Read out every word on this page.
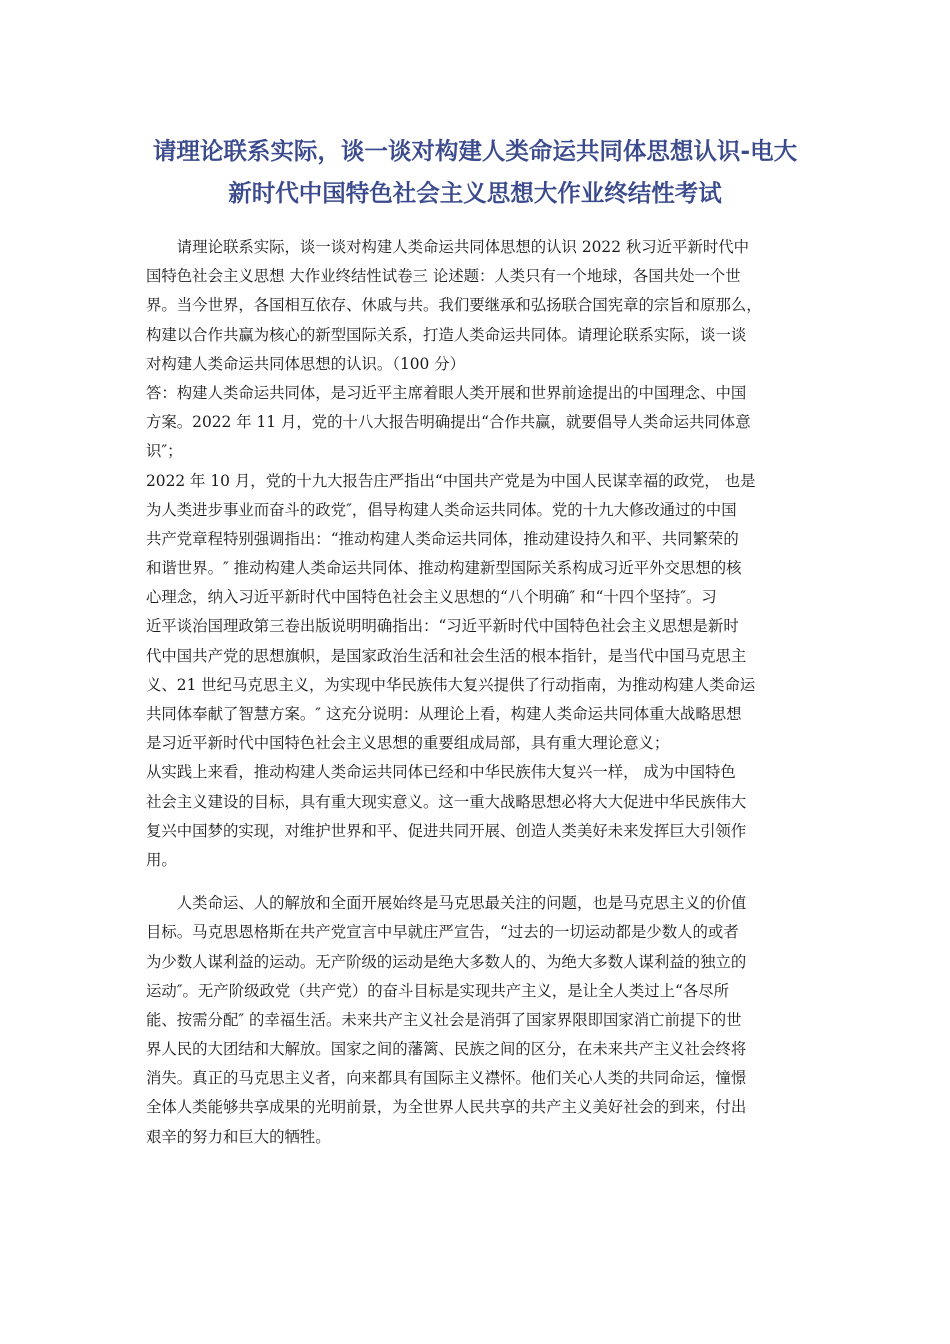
请理论联系实际，谈一谈对构建人类命运共同体思想认识-电大
新时代中国特色社会主义思想大作业终结性考试
　　请理论联系实际，谈一谈对构建人类命运共同体思想的认识 2022 秋习近平新时代中
国特色社会主义思想 大作业终结性试卷三 论述题：人类只有一个地球，各国共处一个世
界。当今世界，各国相互依存、休戚与共。我们要继承和弘扬联合国宪章的宗旨和原那么，
构建以合作共赢为核心的新型国际关系，打造人类命运共同体。请理论联系实际，谈一谈
对构建人类命运共同体思想的认识。（100 分）
答：构建人类命运共同体，是习近平主席着眼人类开展和世界前途提出的中国理念、中国
方案。2022 年 11 月，党的十八大报告明确提出“合作共赢，就要倡导人类命运共同体意
识″；
2022 年 10 月，党的十九大报告庄严指出“中国共产党是为中国人民谋幸福的政党， 也是
为人类进步事业而奋斗的政党″，倡导构建人类命运共同体。党的十九大修改通过的中国
共产党章程特别强调指出：“推动构建人类命运共同体，推动建设持久和平、共同繁荣的
和谐世界。″ 推动构建人类命运共同体、推动构建新型国际关系构成习近平外交思想的核
心理念，纳入习近平新时代中国特色社会主义思想的“八个明确″ 和“十四个坚持″。习
近平谈治国理政第三卷出版说明明确指出：“习近平新时代中国特色社会主义思想是新时
代中国共产党的思想旗帜，是国家政治生活和社会生活的根本指针，是当代中国马克思主
义、21 世纪马克思主义，为实现中华民族伟大复兴提供了行动指南，为推动构建人类命运
共同体奉献了智慧方案。″ 这充分说明：从理论上看，构建人类命运共同体重大战略思想
是习近平新时代中国特色社会主义思想的重要组成局部，具有重大理论意义；
从实践上来看，推动构建人类命运共同体已经和中华民族伟大复兴一样， 成为中国特色
社会主义建设的目标，具有重大现实意义。这一重大战略思想必将大大促进中华民族伟大
复兴中国梦的实现，对维护世界和平、促进共同开展、创造人类美好未来发挥巨大引领作
用。
　　人类命运、人的解放和全面开展始终是马克思最关注的问题，也是马克思主义的价值
目标。马克思恩格斯在共产党宣言中早就庄严宣告，“过去的一切运动都是少数人的或者
为少数人谋利益的运动。无产阶级的运动是绝大多数人的、为绝大多数人谋利益的独立的
运动″。无产阶级政党（共产党）的奋斗目标是实现共产主义，是让全人类过上“各尽所
能、按需分配″ 的幸福生活。未来共产主义社会是消弭了国家界限即国家消亡前提下的世
界人民的大团结和大解放。国家之间的藩篱、民族之间的区分，在未来共产主义社会终将
消失。真正的马克思主义者，向来都具有国际主义襟怀。他们关心人类的共同命运，憧憬
全体人类能够共享成果的光明前景，为全世界人民共享的共产主义美好社会的到来，付出
艰辛的努力和巨大的牺牲。
